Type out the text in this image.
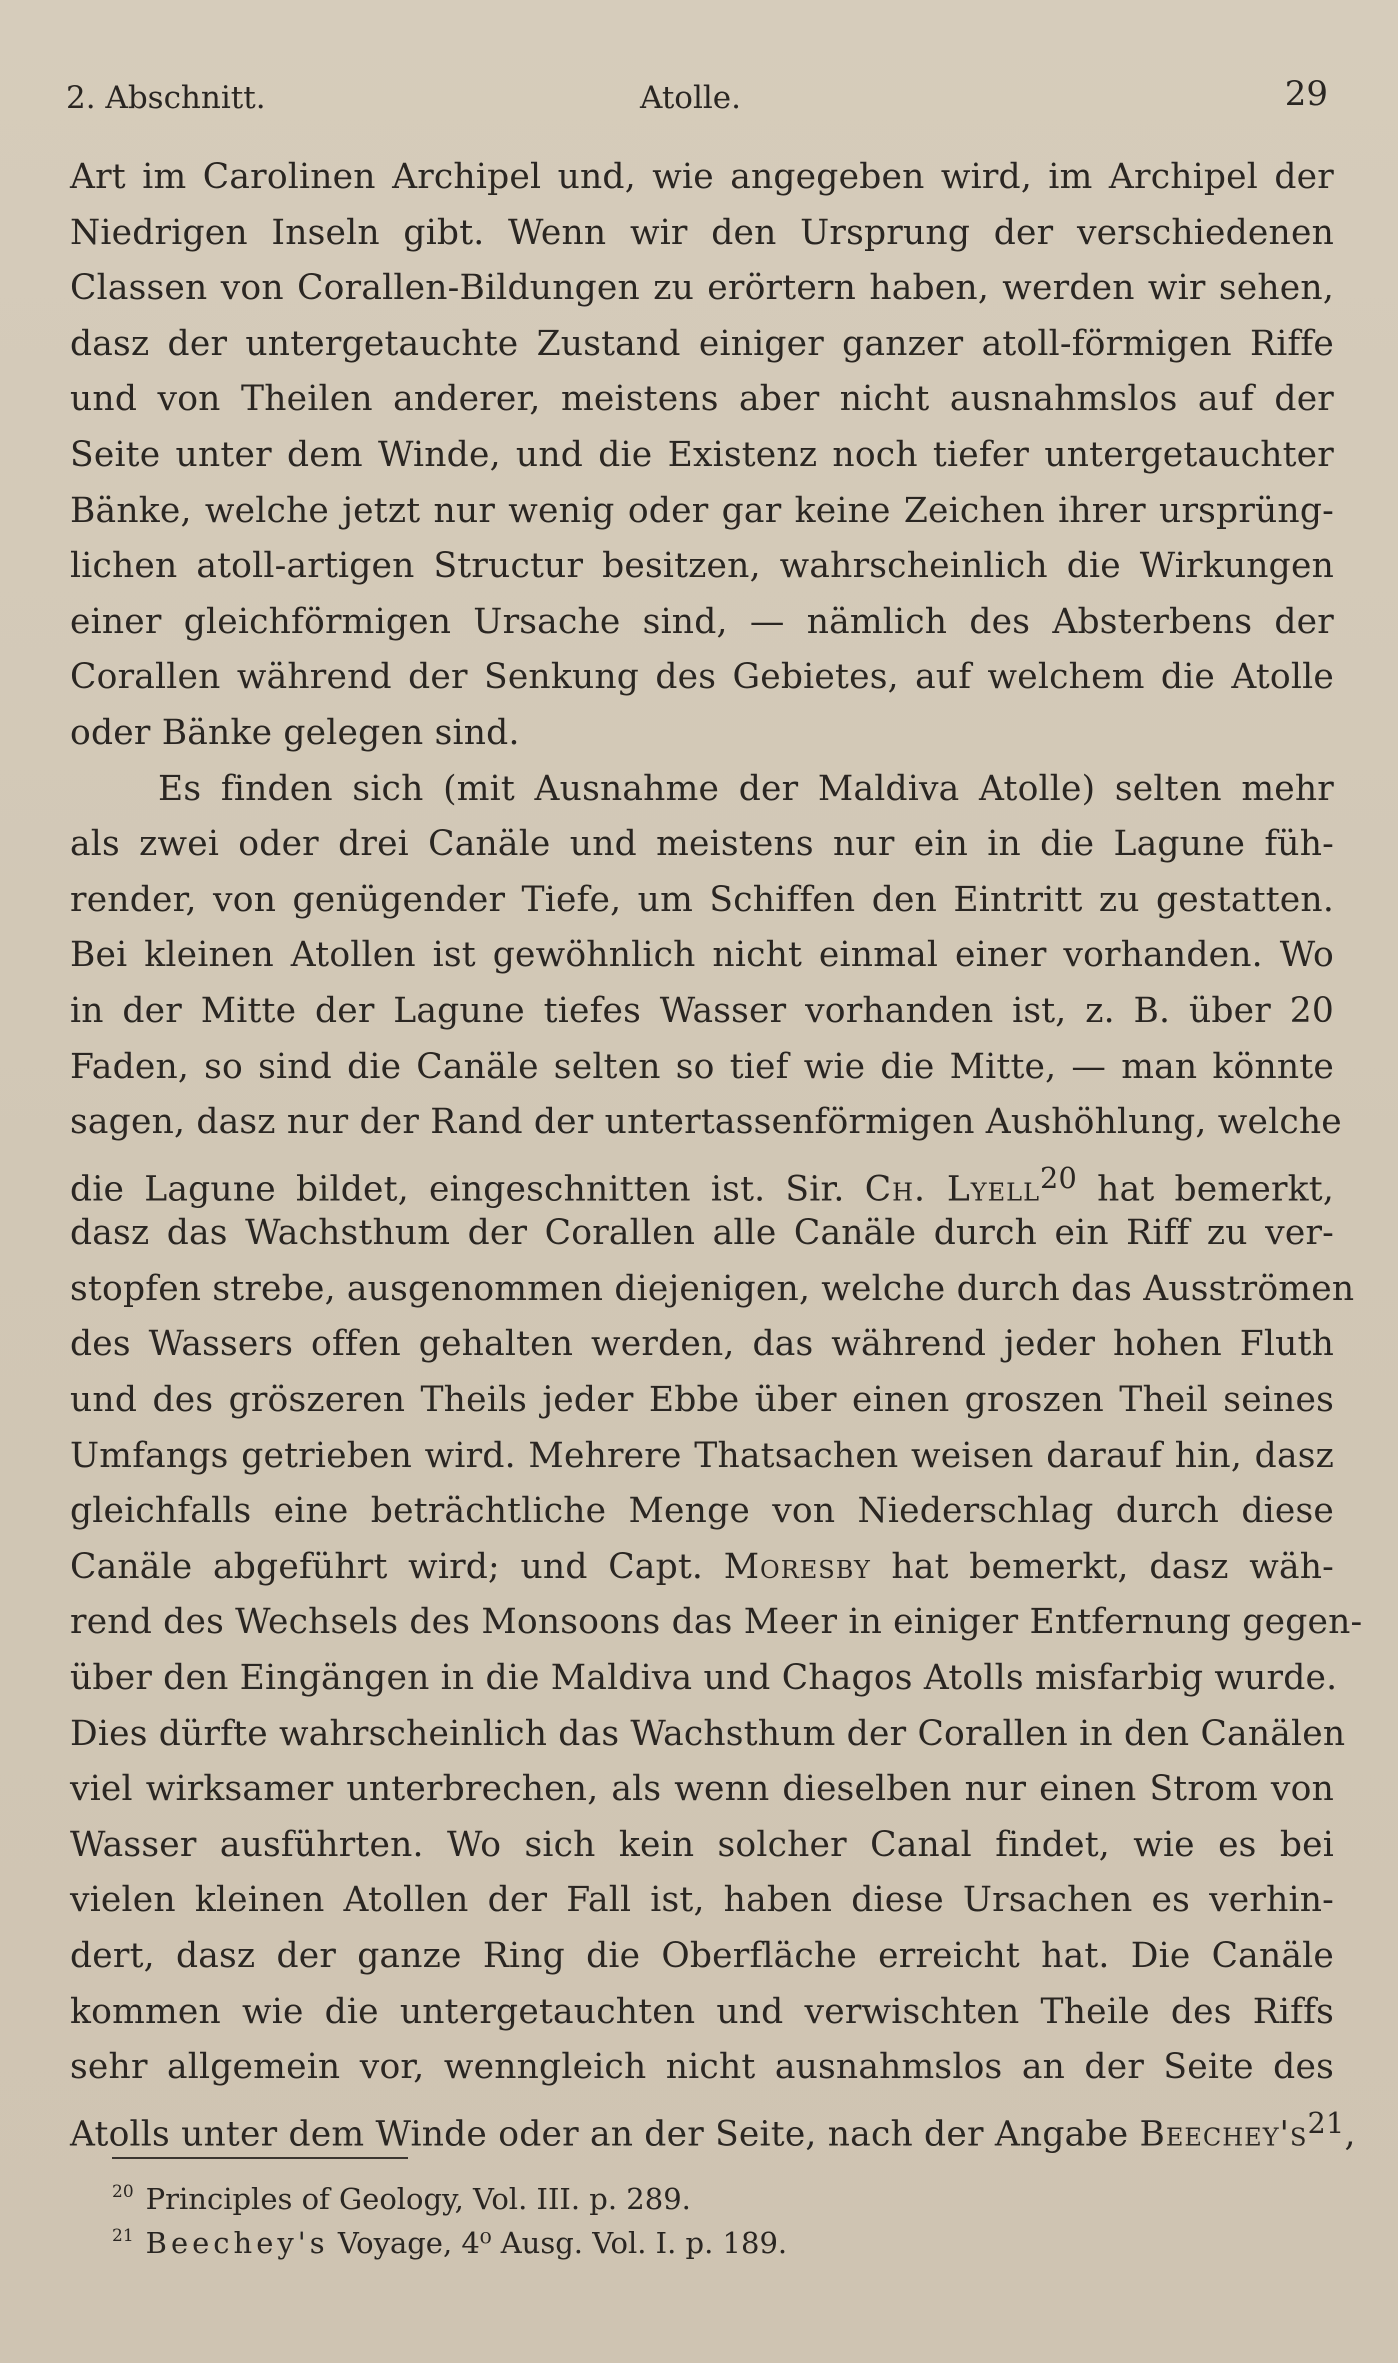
2. Abschnitt.	Atolle.	29
Art im Carolinen Archipel und, wie angegeben wird, im Archipel der
Niedrigen Inseln gibt. Wenn wir den Ursprung der verschiedenen
Classen von Corallen-Bildungen zu erörtern haben, werden wir sehen,
dasz der untergetauchte Zustand einiger ganzer atoll-förmigen Riffe
und von Theilen anderer, meistens aber nicht ausnahmslos auf der
Seite unter dem Winde, und die Existenz noch tiefer untergetauchter
Bänke, welche jetzt nur wenig oder gar keine Zeichen ihrer ursprüng-
lichen atoll-artigen Structur besitzen, wahrscheinlich die Wirkungen
einer gleichförmigen Ursache sind, — nämlich des Absterbens der
Corallen während der Senkung des Gebietes, auf welchem die Atolle
oder Bänke gelegen sind.
Es finden sich (mit Ausnahme der Maldiva Atolle) selten mehr
als zwei oder drei Canäle und meistens nur ein in die Lagune füh-
render, von genügender Tiefe, um Schiffen den Eintritt zu gestatten.
Bei kleinen Atollen ist gewöhnlich nicht einmal einer vorhanden. Wo
in der Mitte der Lagune tiefes Wasser vorhanden ist, z. B. über 20
Faden, so sind die Canäle selten so tief wie die Mitte, — man könnte
sagen, dasz nur der Rand der untertassenförmigen Aushöhlung, welche
die Lagune bildet, eingeschnitten ist. Sir. Ch. Lyell$^{20}$ hat bemerkt,
dasz das Wachsthum der Corallen alle Canäle durch ein Riff zu ver-
stopfen strebe, ausgenommen diejenigen, welche durch das Ausströmen
des Wassers offen gehalten werden, das während jeder hohen Fluth
und des gröszeren Theils jeder Ebbe über einen groszen Theil seines
Umfangs getrieben wird. Mehrere Thatsachen weisen darauf hin, dasz
gleichfalls eine beträchtliche Menge von Niederschlag durch diese
Canäle abgeführt wird; und Capt. Moresby hat bemerkt, dasz wäh-
rend des Wechsels des Monsoons das Meer in einiger Entfernung gegen-
über den Eingängen in die Maldiva und Chagos Atolls misfarbig wurde.
Dies dürfte wahrscheinlich das Wachsthum der Corallen in den Canälen
viel wirksamer unterbrechen, als wenn dieselben nur einen Strom von
Wasser ausführten. Wo sich kein solcher Canal findet, wie es bei
vielen kleinen Atollen der Fall ist, haben diese Ursachen es verhin-
dert, dasz der ganze Ring die Oberfläche erreicht hat. Die Canäle
kommen wie die untergetauchten und verwischten Theile des Riffs
sehr allgemein vor, wenngleich nicht ausnahmslos an der Seite des
Atolls unter dem Winde oder an der Seite, nach der Angabe $Beechey's^{21}$,
$^{20}$ Principles of Geology, Vol. III. p. 289.
$^{21}$ Beechey's Voyage, 4⁰ Ausg. Vol. I. p. 189.
